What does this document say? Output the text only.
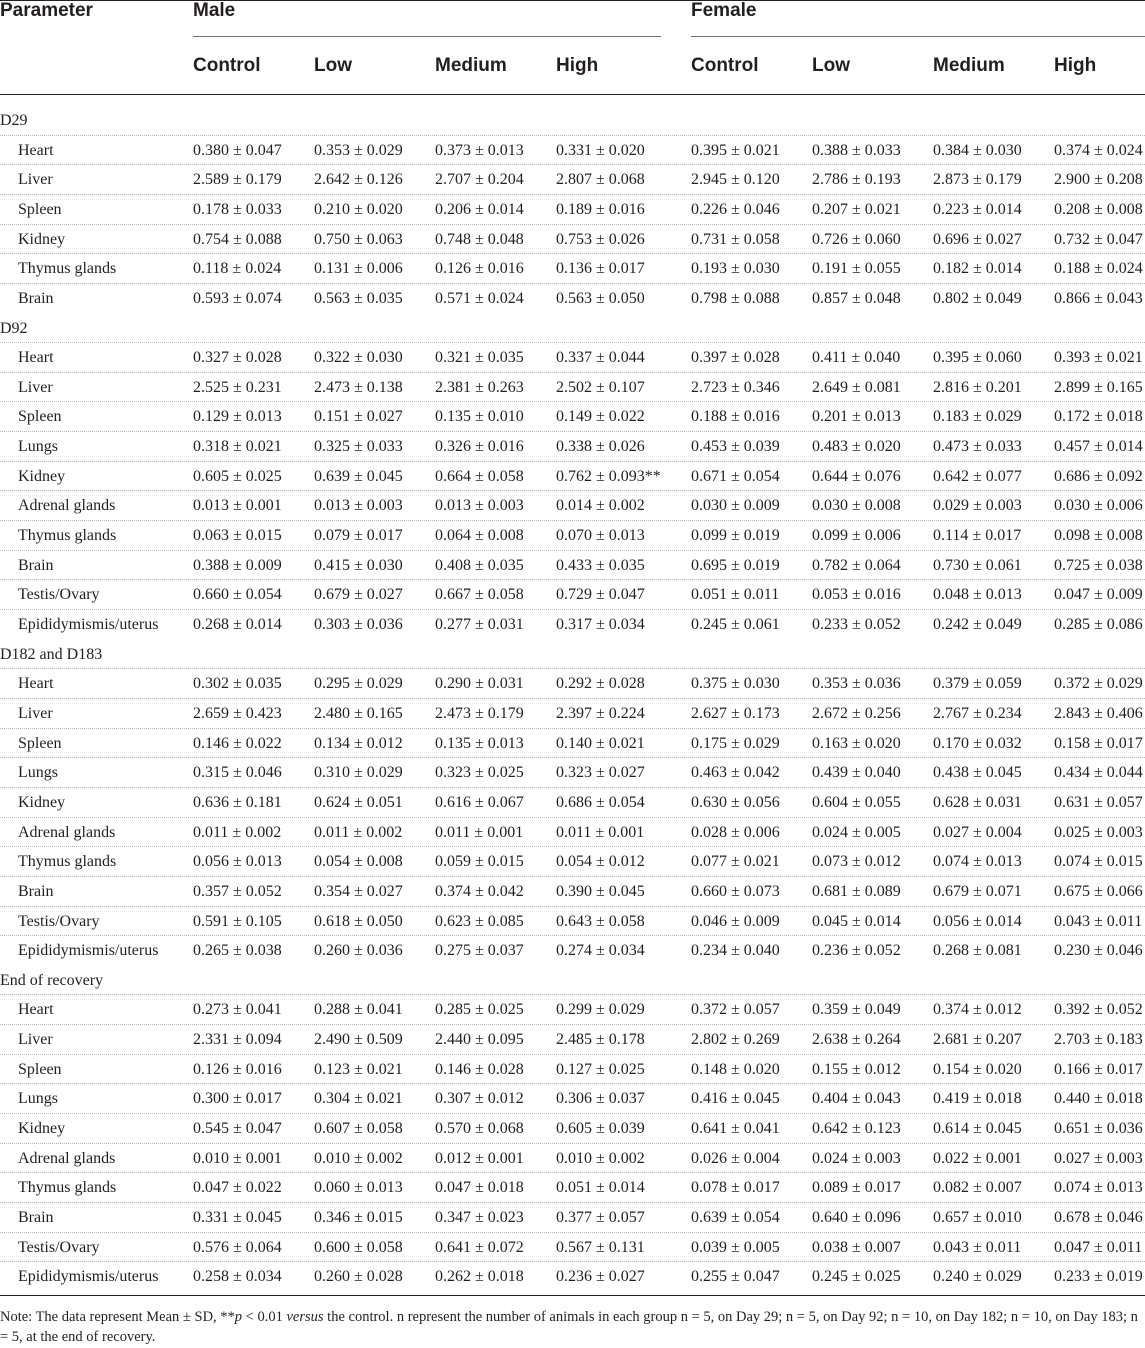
Parameter	Male	Female
Control	Low	Medium	High	Control	Low	Medium	High
D29
Heart	0.380 ± 0.047 0.353 ± 0.029 0.373 ± 0.013 0.331 ± 0.020	0.395 ± 0.021 0.388 ± 0.033 0.384 ± 0.030 0.374 ± 0.024
Liver	2.589 ± 0.179 2.642 ± 0.126 2.707 ± 0.204 2.807 ± 0.068	2.945 ± 0.120 2.786 ± 0.193 2.873 ± 0.179 2.900 ± 0.208
Spleen	0.178 ± 0.033 0.210 ± 0.020 0.206 ± 0.014 0.189 ± 0.016	0.226 ± 0.046 0.207 ± 0.021 0.223 ± 0.014 0.208 ± 0.008
Kidney	0.754 ± 0.088 0.750 ± 0.063 0.748 ± 0.048 0.753 ± 0.026	0.731 ± 0.058 0.726 ± 0.060 0.696 ± 0.027 0.732 ± 0.047
Thymus glands	0.118 ± 0.024 0.131 ± 0.006 0.126 ± 0.016 0.136 ± 0.017	0.193 ± 0.030 0.191 ± 0.055 0.182 ± 0.014 0.188 ± 0.024
Brain	0.593 ± 0.074 0.563 ± 0.035 0.571 ± 0.024 0.563 ± 0.050	0.798 ± 0.088 0.857 ± 0.048 0.802 ± 0.049 0.866 ± 0.043
D92
Heart	0.327 ± 0.028 0.322 ± 0.030 0.321 ± 0.035 0.337 ± 0.044	0.397 ± 0.028 0.411 ± 0.040 0.395 ± 0.060 0.393 ± 0.021
Liver	2.525 ± 0.231 2.473 ± 0.138 2.381 ± 0.263 2.502 ± 0.107	2.723 ± 0.346 2.649 ± 0.081 2.816 ± 0.201 2.899 ± 0.165
Spleen	0.129 ± 0.013 0.151 ± 0.027 0.135 ± 0.010 0.149 ± 0.022	0.188 ± 0.016 0.201 ± 0.013 0.183 ± 0.029 0.172 ± 0.018
Lungs	0.318 ± 0.021 0.325 ± 0.033 0.326 ± 0.016 0.338 ± 0.026	0.453 ± 0.039 0.483 ± 0.020 0.473 ± 0.033 0.457 ± 0.014
Kidney	0.605 ± 0.025 0.639 ± 0.045 0.664 ± 0.058 0.762 ± 0.093** 0.671 ± 0.054 0.644 ± 0.076 0.642 ± 0.077 0.686 ± 0.092
Adrenal glands	0.013 ± 0.001 0.013 ± 0.003 0.013 ± 0.003 0.014 ± 0.002	0.030 ± 0.009 0.030 ± 0.008 0.029 ± 0.003 0.030 ± 0.006
Thymus glands	0.063 ± 0.015 0.079 ± 0.017 0.064 ± 0.008 0.070 ± 0.013	0.099 ± 0.019 0.099 ± 0.006 0.114 ± 0.017 0.098 ± 0.008
Brain	0.388 ± 0.009 0.415 ± 0.030 0.408 ± 0.035 0.433 ± 0.035	0.695 ± 0.019 0.782 ± 0.064 0.730 ± 0.061 0.725 ± 0.038
Testis/Ovary	0.660 ± 0.054 0.679 ± 0.027 0.667 ± 0.058 0.729 ± 0.047	0.051 ± 0.011 0.053 ± 0.016 0.048 ± 0.013 0.047 ± 0.009
Epididymismis/uterus 0.268 ± 0.014 0.303 ± 0.036 0.277 ± 0.031 0.317 ± 0.034	0.245 ± 0.061 0.233 ± 0.052 0.242 ± 0.049 0.285 ± 0.086
D182 and D183
Heart	0.302 ± 0.035 0.295 ± 0.029 0.290 ± 0.031 0.292 ± 0.028	0.375 ± 0.030 0.353 ± 0.036 0.379 ± 0.059 0.372 ± 0.029
Liver	2.659 ± 0.423 2.480 ± 0.165 2.473 ± 0.179 2.397 ± 0.224	2.627 ± 0.173 2.672 ± 0.256 2.767 ± 0.234 2.843 ± 0.406
Spleen	0.146 ± 0.022 0.134 ± 0.012 0.135 ± 0.013 0.140 ± 0.021	0.175 ± 0.029 0.163 ± 0.020 0.170 ± 0.032 0.158 ± 0.017
Lungs	0.315 ± 0.046 0.310 ± 0.029 0.323 ± 0.025 0.323 ± 0.027	0.463 ± 0.042 0.439 ± 0.040 0.438 ± 0.045 0.434 ± 0.044
Kidney	0.636 ± 0.181 0.624 ± 0.051 0.616 ± 0.067 0.686 ± 0.054	0.630 ± 0.056 0.604 ± 0.055 0.628 ± 0.031 0.631 ± 0.057
Adrenal glands	0.011 ± 0.002 0.011 ± 0.002 0.011 ± 0.001 0.011 ± 0.001	0.028 ± 0.006 0.024 ± 0.005 0.027 ± 0.004 0.025 ± 0.003
Thymus glands	0.056 ± 0.013 0.054 ± 0.008 0.059 ± 0.015 0.054 ± 0.012	0.077 ± 0.021 0.073 ± 0.012 0.074 ± 0.013 0.074 ± 0.015
Brain	0.357 ± 0.052 0.354 ± 0.027 0.374 ± 0.042 0.390 ± 0.045	0.660 ± 0.073 0.681 ± 0.089 0.679 ± 0.071 0.675 ± 0.066
Testis/Ovary	0.591 ± 0.105 0.618 ± 0.050 0.623 ± 0.085 0.643 ± 0.058	0.046 ± 0.009 0.045 ± 0.014 0.056 ± 0.014 0.043 ± 0.011
Epididymismis/uterus 0.265 ± 0.038 0.260 ± 0.036 0.275 ± 0.037 0.274 ± 0.034	0.234 ± 0.040 0.236 ± 0.052 0.268 ± 0.081 0.230 ± 0.046
End of recovery
Heart	0.273 ± 0.041 0.288 ± 0.041 0.285 ± 0.025 0.299 ± 0.029	0.372 ± 0.057 0.359 ± 0.049 0.374 ± 0.012 0.392 ± 0.052
Liver	2.331 ± 0.094 2.490 ± 0.509 2.440 ± 0.095 2.485 ± 0.178	2.802 ± 0.269 2.638 ± 0.264 2.681 ± 0.207 2.703 ± 0.183
Spleen	0.126 ± 0.016 0.123 ± 0.021 0.146 ± 0.028 0.127 ± 0.025	0.148 ± 0.020 0.155 ± 0.012 0.154 ± 0.020 0.166 ± 0.017
Lungs	0.300 ± 0.017 0.304 ± 0.021 0.307 ± 0.012 0.306 ± 0.037	0.416 ± 0.045 0.404 ± 0.043 0.419 ± 0.018 0.440 ± 0.018
Kidney	0.545 ± 0.047 0.607 ± 0.058 0.570 ± 0.068 0.605 ± 0.039	0.641 ± 0.041 0.642 ± 0.123 0.614 ± 0.045 0.651 ± 0.036
Adrenal glands	0.010 ± 0.001 0.010 ± 0.002 0.012 ± 0.001 0.010 ± 0.002	0.026 ± 0.004 0.024 ± 0.003 0.022 ± 0.001 0.027 ± 0.003
Thymus glands	0.047 ± 0.022 0.060 ± 0.013 0.047 ± 0.018 0.051 ± 0.014	0.078 ± 0.017 0.089 ± 0.017 0.082 ± 0.007 0.074 ± 0.013
Brain	0.331 ± 0.045 0.346 ± 0.015 0.347 ± 0.023 0.377 ± 0.057	0.639 ± 0.054 0.640 ± 0.096 0.657 ± 0.010 0.678 ± 0.046
Testis/Ovary	0.576 ± 0.064 0.600 ± 0.058 0.641 ± 0.072 0.567 ± 0.131	0.039 ± 0.005 0.038 ± 0.007 0.043 ± 0.011 0.047 ± 0.011
Epididymismis/uterus 0.258 ± 0.034 0.260 ± 0.028 0.262 ± 0.018 0.236 ± 0.027	0.255 ± 0.047 0.245 ± 0.025 0.240 ± 0.029 0.233 ± 0.019
Note: The data represent Mean ± SD, **p < 0.01 versus the control. n represent the number of animals in each group n = 5, on Day 29; n = 5, on Day 92; n = 10, on Day 182; n = 10, on Day 183; n = 5, at the end of recovery.
